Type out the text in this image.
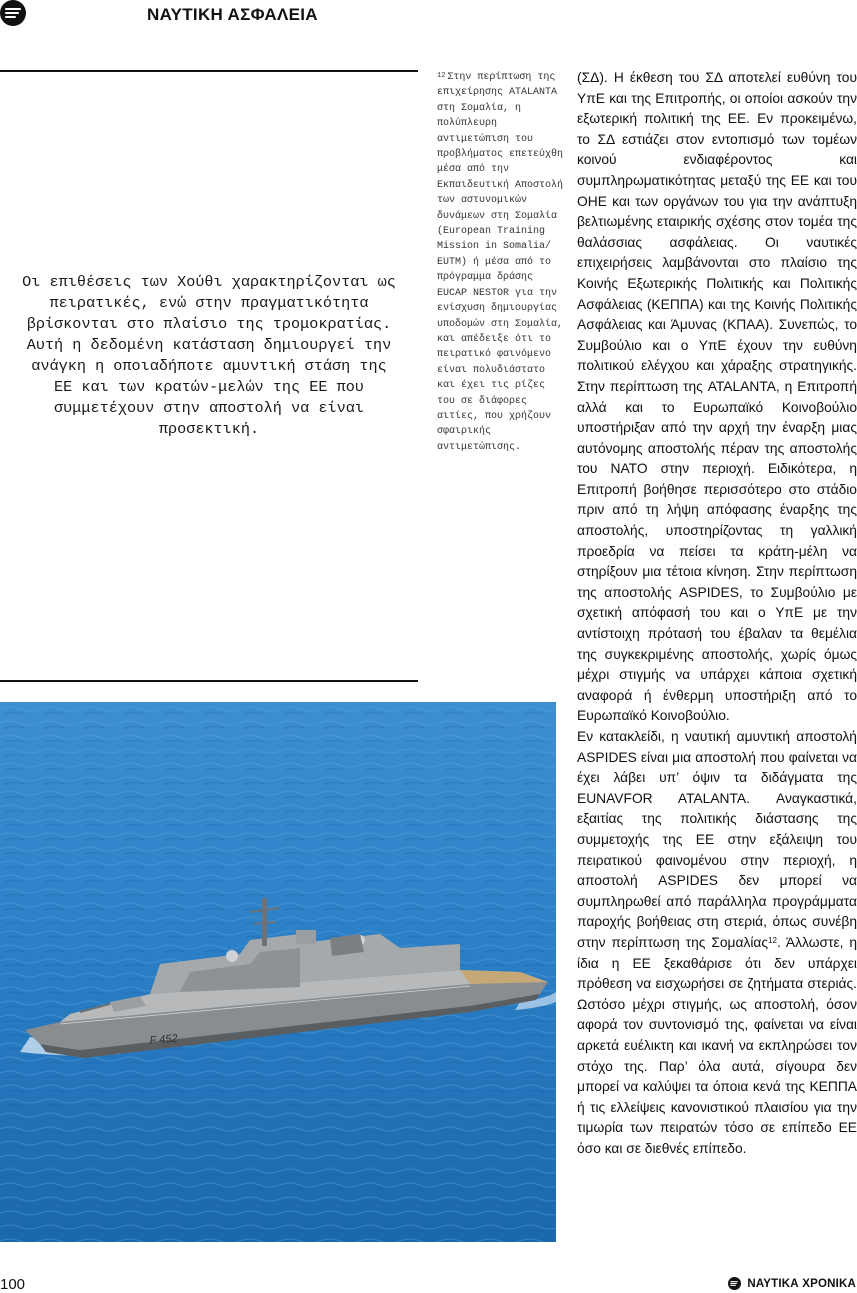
ΝΑΥΤΙΚΗ ΑΣΦΑΛΕΙΑ
Οι επιθέσεις των Χούθι χαρακτηρίζονται ως πειρατικές, ενώ στην πραγματικότητα βρίσκονται στο πλαίσιο της τρομοκρατίας. Αυτή η δεδομένη κατάσταση δημιουργεί την ανάγκη η οποιαδήποτε αμυντική στάση της ΕΕ και των κρατών-μελών της ΕΕ που συμμετέχουν στην αποστολή να είναι προσεκτική.
$^{12}$ Στην περίπτωση της επιχείρησης ATALANTA στη Σομαλία, η πολύπλευρη αντιμετώπιση του προβλήματος επετεύχθη μέσα από την Εκπαιδευτική Αποστολή των αστυνομικών δυνάμεων στη Σομαλία (European Training Mission in Somalia/ EUTM) ή μέσα από το πρόγραμμα δράσης EUCAP NESTOR για την ενίσχυση δημιουργίας υποδομών στη Σομαλία, και απέδειξε ότι το πειρατικό φαινόμενο είναι πολυδιάστατο και έχει τις ρίζες του σε διάφορες αιτίες, που χρήζουν σφαιρικής αντιμετώπισης.

(ΣΔ). Η έκθεση του ΣΔ αποτελεί ευθύνη του ΥπΕ και της Επιτροπής, οι οποίοι ασκούν την εξωτερική πολιτική της ΕΕ. Εν προκειμένω, το ΣΔ εστιάζει στον εντοπισμό των τομέων κοινού ενδιαφέροντος και συμπληρωματικότητας μεταξύ της ΕΕ και του ΟΗΕ και των οργάνων του για την ανάπτυξη βελτιωμένης εταιρικής σχέσης στον τομέα της θαλάσσιας ασφάλειας. Οι ναυτικές επιχειρήσεις λαμβάνονται στο πλαίσιο της Κοινής Εξωτερικής Πολιτικής και Πολιτικής Ασφάλειας (ΚΕΠΠΑ) και της Κοινής Πολιτικής Ασφάλειας και Άμυνας (ΚΠΑΑ). Συνεπώς, το Συμβούλιο και ο ΥπΕ έχουν την ευθύνη πολιτικού ελέγχου και χάραξης στρατηγικής. Στην περίπτωση της ATALANTA, η Επιτροπή αλλά και το Ευρωπαϊκό Κοινοβούλιο υποστήριξαν από την αρχή την έναρξη μιας αυτόνομης αποστολής πέραν της αποστολής του ΝΑΤΟ στην περιοχή. Ειδικότερα, η Επιτροπή βοήθησε περισσότερο στο στάδιο πριν από τη λήψη απόφασης έναρξης της αποστολής, υποστηρίζοντας τη γαλλική προεδρία να πείσει τα κράτη-μέλη να στηρίξουν μια τέτοια κίνηση. Στην περίπτωση της αποστολής ASPIDES, το Συμβούλιο με σχετική απόφασή του και ο ΥπΕ με την αντίστοιχη πρότασή του έβαλαν τα θεμέλια της συγκεκριμένης αποστολής, χωρίς όμως μέχρι στιγμής να υπάρχει κάποια σχετική αναφορά ή ένθερμη υποστήριξη από το Ευρωπαϊκό Κοινοβούλιο.

Εν κατακλείδι, η ναυτική αμυντική αποστολή ASPIDES είναι μια αποστολή που φαίνεται να έχει λάβει υπ’ όψιν τα διδάγματα της EUNAVFOR ATALANTA. Αναγκαστικά, εξαιτίας της πολιτικής διάστασης της συμμετοχής της ΕΕ στην εξάλειψη του πειρατικού φαινομένου στην περιοχή, η αποστολή ASPIDES δεν μπορεί να συμπληρωθεί από παράλληλα προγράμματα παροχής βοήθειας στη στεριά, όπως συνέβη στην περίπτωση της Σομαλίας$^{12}$. Άλλωστε, η ίδια η ΕΕ ξεκαθάρισε ότι δεν υπάρχει πρόθεση να εισχωρήσει σε ζητήματα στεριάς. Ωστόσο μέχρι στιγμής, ως αποστολή, όσον αφορά τον συντονισμό της, φαίνεται να είναι αρκετά ευέλικτη και ικανή να εκπληρώσει τον στόχο της. Παρ’ όλα αυτά, σίγουρα δεν μπορεί να καλύψει τα όποια κενά της ΚΕΠΠΑ ή τις ελλείψεις κανονιστικού πλαισίου για την τιμωρία των πειρατών τόσο σε επίπεδο ΕΕ όσο και σε διεθνές επίπεδο.

F 452
100	ΝΑΥΤΙΚΑ ΧΡΟΝΙΚΑ
